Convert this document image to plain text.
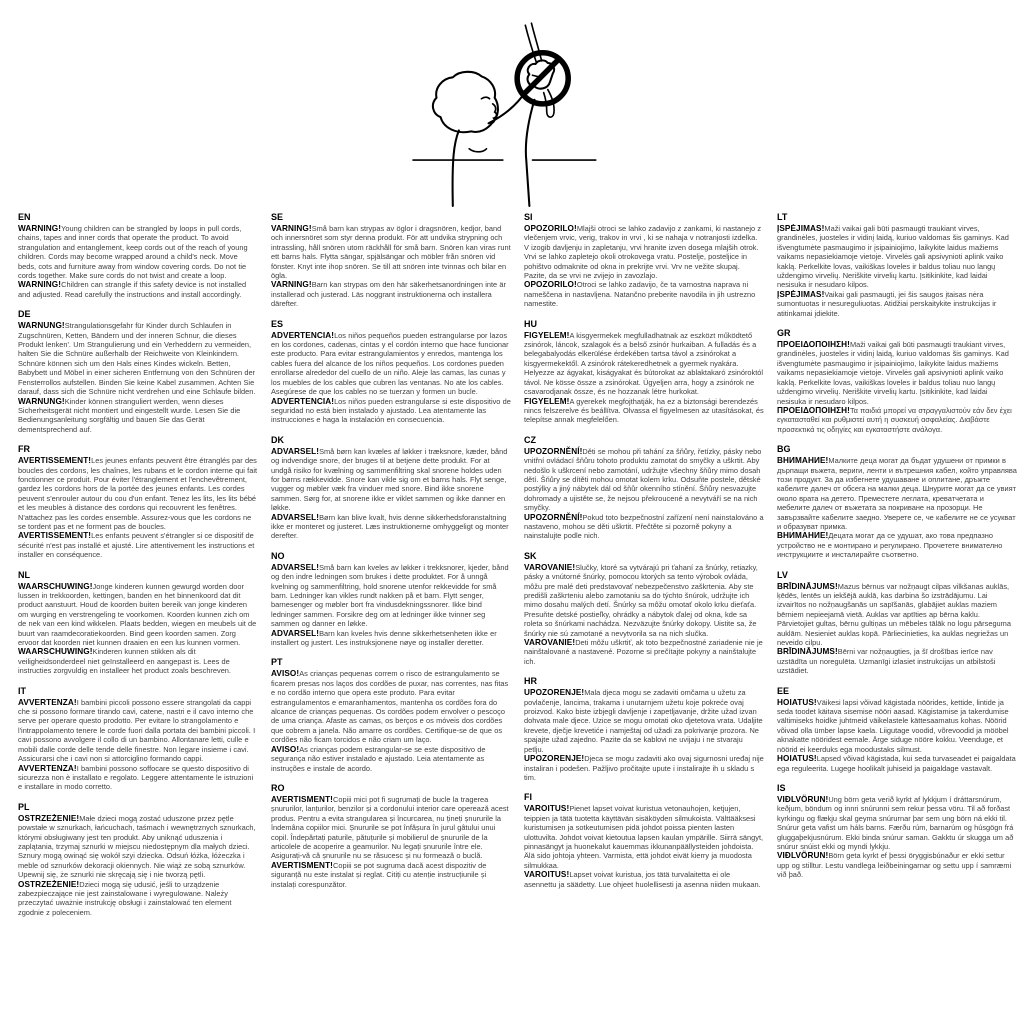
EN

WARNING!Young children can be strangled by loops in pull cords, chains, tapes and inner cords that operate the product. To avoid strangulation and entanglement, keep cords out of the reach of young children. Cords may become wrapped around a child's neck. Move beds, cots and furniture away from window covering cords. Do not tie cords together. Make sure cords do not twist and create a loop.

WARNING!Children can strangle if this safety device is not installed and adjusted. Read carefully the instructions and install accordingly.

DE

WARNUNG!Strangulationsgefahr für Kinder durch Schlaufen in Zugschnüren, Ketten, Bändern und der inneren Schnur, die dieses Produkt lenken'. Um Strangulierung und ein Verheddern zu vermeiden, halten Sie die Schnüre außerhalb der Reichweite von Kleinkindern. Schnüre können sich um den Hals eines Kindes wickeln. Betten, Babybett und Möbel in einer sicheren Entfernung von den Schnüren der Fensterrollos aufstellen. Binden Sie keine Kabel zusammen. Achten Sie darauf, dass sich die Schnüre nicht verdrehen und eine Schlaufe bilden.

WARNUNG!Kinder können stranguliert werden, wenn dieses Sicherheitsgerät nicht montiert und eingestellt wurde. Lesen Sie die Bedienungsanleitung sorgfältig und bauen Sie das Gerät dementsprechend auf.

FR

AVERTISSEMENT!Les jeunes enfants peuvent être étranglés par des boucles des cordons, les chaînes, les rubans et le cordon interne qui fait fonctionner ce produit. Pour éviter l'étranglement et l'enchevêtrement, gardez les cordons hors de la portée des jeunes enfants. Les cordes peuvent s'enrouler autour du cou d'un enfant. Tenez les lits, les lits bébé et les meubles à distance des cordons qui recouvrent les fenêtres. N'attachez pas les cordes ensemble. Assurez-vous que les cordons ne se tordent pas et ne forment pas de boucles.

AVERTISSEMENT!Les enfants peuvent s'étrangler si ce dispositif de sécurité n'est pas installé et ajusté. Lire attentivement les instructions et installer en conséquence.

NL

WAARSCHUWING!Jonge kinderen kunnen gewurgd worden door lussen in trekkoorden, kettingen, banden en het binnenkoord dat dit product aanstuurt. Houd de koorden buiten bereik van jonge kinderen om wurging en verstrengeling te voorkomen. Koorden kunnen zich om de nek van een kind wikkelen. Plaats bedden, wiegen en meubels uit de buurt van raamdecoratiekoorden. Bind geen koorden samen. Zorg ervoor dat koorden niet kunnen draaien en een lus kunnen vormen.

WAARSCHUWING!Kinderen kunnen stikken als dit veiligheidsonderdeel niet geïnstalleerd en aangepast is. Lees de instructies zorgvuldig en installeer het product zoals beschreven.

IT

AVVERTENZA!I bambini piccoli possono essere strangolati da cappi che si possono formare tirando cavi, catene, nastri e il cavo interno che serve per operare questo prodotto. Per evitare lo strangolamento e l'intrappolamento tenere le corde fuori dalla portata dei bambini piccoli. I cavi possono avvolgere il collo di un bambino. Allontanare letti, culle e mobili dalle corde delle tende delle finestre. Non legare insieme i cavi. Assicurarsi che i cavi non si attorciglino formando cappi.

AVVERTENZA!I bambini possono soffocare se questo dispositivo di sicurezza non è installato e regolato. Leggere attentamente le istruzioni e installare in modo corretto.

PL

OSTRZEŻENIE!Małe dzieci mogą zostać uduszone przez pętle powstałe w sznurkach, łańcuchach, taśmach i wewnętrznych sznurkach, którymi obsługiwany jest ten produkt. Aby uniknąć uduszenia i zaplątania, trzymaj sznurki w miejscu niedostępnym dla małych dzieci. Sznury mogą owinąć się wokół szyi dziecka. Odsuń łóżka, łóżeczka i meble od sznurków dekoracji okiennych. Nie wiąż ze sobą sznurków. Upewnij się, że sznurki nie skręcają się i nie tworzą pętli.

OSTRZEŻENIE!Dzieci mogą się udusić, jeśli to urządzenie zabezpieczające nie jest zainstalowane i wyregulowane. Należy przeczytać uważnie instrukcję obsługi i zainstalować ten element zgodnie z poleceniem.

SE

VARNING!Små barn kan strypas av öglor i dragsnören, kedjor, band och innersnöret som styr denna produkt. För att undvika strypning och intrassling, håll snören utom räckhåll för små barn. Snören kan viras runt ett barns hals. Flytta sängar, spjälsängar och möbler från snören vid fönster. Knyt inte ihop snören. Se till att snören inte tvinnas och bilar en ögla.

VARNING!Barn kan strypas om den här säkerhetsanordningen inte är installerad och justerad. Läs noggrant instruktionerna och installera därefter.

ES

ADVERTENCIA!Los niños pequeños pueden estrangularse por lazos en los cordones, cadenas, cintas y el cordón interno que hace funcionar este producto. Para evitar estrangulamientos y enredos, mantenga los cables fuera del alcance de los niños pequeños. Los cordones pueden enrollarse alrededor del cuello de un niño. Aleje las camas, las cunas y los muebles de los cables que cubren las ventanas. No ate los cables. Asegúrese de que los cables no se tuerzan y formen un bucle.

ADVERTENCIA!Los niños pueden estrangularse si este dispositivo de seguridad no está bien instalado y ajustado. Lea atentamente las instrucciones e haga la instalación en consecuencia.

DK

ADVARSEL!Små børn kan kvæles af løkker i træksnore, kæder, bånd og indvendige snore, der bruges til at betjene dette produkt. For at undgå risiko for kvælning og sammenfiltring skal snorene holdes uden for børns rækkevidde. Snore kan vikle sig om et barns hals. Flyt senge, vugger og møbler væk fra vinduer med snore. Bind ikke snorene sammen. Sørg for, at snorene ikke er viklet sammen og ikke danner en løkke.

ADVARSEL!Børn kan blive kvalt, hvis denne sikkerhedsforanstaltning ikke er monteret og justeret. Læs instruktionerne omhyggeligt og monter derefter.

NO

ADVARSEL!Små barn kan kveles av løkker i trekksnorer, kjeder, bånd og den indre ledningen som brukes i dette produktet. For å unngå kvelning og sammenfiltring, hold snorene utenfor rekkevidde for små barn. Ledninger kan vikles rundt nakken på et barn. Flytt senger, barnesenger og møbler bort fra vindusdekningssnorer. Ikke bind ledninger sammen. Forsikre deg om at ledninger ikke tvinner seg sammen og danner en løkke.

ADVARSEL!Barn kan kveles hvis denne sikkerhetsenheten ikke er installert og justert. Les instruksjonene nøye og installer deretter.

PT

AVISO!As crianças pequenas correm o risco de estrangulamento se ficarem presas nos laços dos cordões de puxar, nas correntes, nas fitas e no cordão interno que opera este produto. Para evitar estrangulamentos e emaranhamentos, mantenha os cordões fora do alcance de crianças pequenas. Os cordões podem envolver o pescoço de uma criança. Afaste as camas, os berços e os móveis dos cordões que cobrem a janela. Não amarre os cordões. Certifique-se de que os cordões não ficam torcidos e não criam um laço.

AVISO!As crianças podem estrangular-se se este dispositivo de segurança não estiver instalado e ajustado. Leia atentamente as instruções e instale de acordo.

RO

AVERTISMENT!Copiii mici pot fi sugrumați de bucle la tragerea șnururilor, lanțurilor, benzilor și a cordonului interior care operează acest produs. Pentru a evita strangularea și încurcarea, nu țineți șnururile la îndemâna copiilor mici. Șnururile se pot înfășura în jurul gâtului unui copil. Îndepărtați paturile, pătuțurile și mobilierul de șnururile de la articolele de acoperire a geamurilor. Nu legați șnururile între ele. Asigurați-vă că șnururile nu se răsucesc și nu formează o buclă.

AVERTISMENT!Copiii se pot sugruma dacă acest dispozitiv de siguranță nu este instalat și reglat. Citiți cu atenție instrucțiunile și instalați corespunzător.

SI

OPOZORILO!Mlajši otroci se lahko zadavijo z zankami, ki nastanejo z vlečenjem vrvic, verig, trakov in vrvi , ki se nahaja v notranjosti izdelka. V izogib davljenju in zapletanju, vrvi hranite izven dosega mlajših otrok. Vrvi se lahko zapletejo okoli otrokovega vratu. Postelje, posteljice in pohištvo odmaknite od okna in prekrijte vrvi. Vrv ne vežite skupaj. Pazite, da se vrvi ne zvijejo in zavozlajo.

OPOZORILO!Otroci se lahko zadavijo, če ta varnostna naprava ni nameščena in nastavljena. Natančno preberite navodila in jih ustrezno namestite.

HU

FIGYELEM!A kisgyermekek megfulladhatnak az eszközt működtető zsinórok, láncok, szalagok és a belső zsinór hurkaiban. A fulladás és a belegabalyodás elkerülése érdekében tartsa távol a zsinórokat a kisgyermekektől. A zsinórok rátekeredhetnek a gyermek nyakára. Helyezze az ágyakat, kiságyakat és bútorokat az ablaktakaró zsinóroktól távol. Ne kösse össze a zsinórokat. Ügyeljen arra, hogy a zsinórok ne csavarodjanak össze, és ne hozzanak létre hurkokat.

FIGYELEM!A gyerekek megfojthatják, ha ez a biztonsági berendezés nincs felszerelve és beállítva. Olvassa el figyelmesen az utasításokat, és telepítse annak megfelelően.

CZ

UPOZORNĚNÍ!Děti se mohou při tahání za šňůry, řetízky, pásky nebo vnitřní ovládací šňůru tohoto produktu zamotat do smyčky a uškrtit. Aby nedošlo k uškrcení nebo zamotání, udržujte všechny šňůry mimo dosah dětí. Šňůry se dítěti mohou omotat kolem krku. Odsuňte postele, dětské postýlky a jiný nábytek dál od šňůr okenního stínění. Šňůry nesvazujte dohromady a ujistěte se, že nejsou překroucené a nevytváří se na nich smyčky.

UPOZORNĚNÍ!Pokud toto bezpečnostní zařízení není nainstalováno a nastaveno, mohou se děti uškrtit. Přečtěte si pozorně pokyny a nainstalujte podle nich.

SK

VAROVANIE!Slučky, ktoré sa vytvárajú pri ťahaní za šnúrky, retiazky, pásky a vnútorné šnúrky, pomocou ktorých sa tento výrobok ovláda, môžu pre malé deti predstavovať nebezpečenstvo zaškrtenia. Aby ste predišli zaškrteniu alebo zamotaniu sa do týchto šnúrok, udržujte ich mimo dosahu malých detí. Šnúrky sa môžu omotať okolo krku dieťaťa. Presuňte detské postieľky, ohrádky a nábytok ďalej od okna, kde sa roleta so šnúrkami nachádza. Nezväzujte šnúrky dokopy. Uistite sa, že šnúrky nie sú zamotané a nevytvorila sa na nich slučka.

VAROVANIE!Deti môžu uškrtiť, ak toto bezpečnostné zariadenie nie je nainštalované a nastavené. Pozorne si prečítajte pokyny a nainštalujte ich.

HR

UPOZORENJE!Mala djeca mogu se zadaviti omčama u užetu za povlačenje, lancima, trakama i unutarnjem užetu koje pokreće ovaj proizvod. Kako biste izbjegli davljenje i zapetljavanje, držite užad izvan dohvata male djece. Uzice se mogu omotati oko djetetova vrata. Udaljite krevete, dječje krevetiće i namještaj od užadi za pokrivanje prozora. Ne spajajte užad zajedno. Pazite da se kablovi ne uvijaju i ne stvaraju petlju.

UPOZORENJE!Djeca se mogu zadaviti ako ovaj sigurnosni uređaj nije instaliran i podešen. Pažljivo pročitajte upute i instalirajte ih u skladu s tim.

FI

VAROITUS!Pienet lapset voivat kuristua vetonauhojen, ketjujen, teippien ja tätä tuotetta käyttävän sisäköyden silmukoista. Välttääksesi kuristumisen ja sotkeutumisen pidä johdot poissa pienten lasten ulottuvilta. Johdot voivat kietoutua lapsen kaulan ympärille. Siirrä sängyt, pinnasängyt ja huonekalut kauemmas ikkunanpäällysteiden johdoista. Älä sido johtoja yhteen. Varmista, että johdot eivät kierry ja muodosta silmukkaa.

VAROITUS!Lapset voivat kuristua, jos tätä turvalaitetta ei ole asennettu ja säädetty. Lue ohjeet huolellisesti ja asenna niiden mukaan.

LT

ĮSPĖJIMAS!Maži vaikai gali būti pasmaugti traukiant virves, grandinėles, juosteles ir vidinį laidą, kuriuo valdomas šis gaminys. Kad išvengtumėte pasmaugimo ir įsipainiojimo, laikykite laidus mažiems vaikams nepasiekiamoje vietoje. Virvelės gali apsivynioti aplink vaiko kaklą. Perkelkite lovas, vaikiškas loveles ir baldus toliau nuo langų uždengimo virvelių. Neriškite virvelių kartu. Įsitikinkite, kad laidai nesisuka ir nesudaro kilpos.

ĮSPĖJIMAS!Vaikai gali pasmaugti, jei šis saugos įtaisas nėra sumontuotas ir nesureguliuotas. Atidžiai perskaitykite instrukcijas ir atitinkamai įdiekite.

GR

ΠΡΟΕΙΔΟΠΟΙΗΣΗ!Maži vaikai gali būti pasmaugti traukiant virves, grandinėles, juosteles ir vidinį laidą, kuriuo valdomas šis gaminys. Kad išvengtumėte pasmaugimo ir įsipainiojimo, laikykite laidus mažiems vaikams nepasiekiamoje vietoje. Virvelės gali apsivynioti aplink vaiko kaklą. Perkelkite lovas, vaikiškas loveles ir baldus toliau nuo langų uždengimo virvelių. Neriškite virvelių kartu. Įsitikinkite, kad laidai nesisuka ir nesudaro kilpos.

ΠΡΟΕΙΔΟΠΟΙΗΣΗ!Τα παιδιά μπορεί να στραγγαλιστούν εάν δεν έχει εγκατασταθεί και ρυθμιστεί αυτή η συσκευή ασφαλείας. Διαβάστε προσεκτικά τις οδηγίες και εγκαταστήστε ανάλογα.

BG

ВНИМАНИЕ!Малките деца могат да бъдат удушени от примки в дърпащи въжета, вериги, ленти и вътрешния кабел, който управлява този продукт. За да избегнете удушаване и оплитане, дръжте кабелите далеч от обсега на малки деца. Шнурите могат да се увият около врата на детето. Преместете леглата, креватчетата и мебелите далеч от въжетата за покриване на прозорци. Не завързвайте кабелите заедно. Уверете се, че кабелите не се усукват и образуват примка.

ВНИМАНИЕ!Децата могат да се удушат, ако това предпазно устройство не е монтирано и регулирано. Прочетете внимателно инструкциите и инсталирайте съответно.

LV

BRĪDINĀJUMS!Mazus bērnus var nožņaugt cilpas vilkšanas auklās, ķēdēs, lentēs un iekšējā auklā, kas darbina šo izstrādājumu. Lai izvairītos no nožņaugšanās un sapīšanās, glabājiet auklas maziem bērniem nepieejamā vietā. Auklas var aptīties ap bērna kaklu. Pārvietojiet gultas, bērnu gultiņas un mēbeles tālāk no logu pārseguma auklām. Nesieniet auklas kopā. Pārliecinieties, ka auklas negriežas un neveido cilpu.

BRĪDINĀJUMS!Bērni var nožņaugties, ja šī drošības ierīce nav uzstādīta un noregulēta. Uzmanīgi izlasiet instrukcijas un atbilstoši uzstādiet.

EE

HOIATUS!Väikesi lapsi võivad kägistada nöörides, kettide, lintide ja seda toodet käitava sisemise nööri aasad. Kägistamise ja takerdumise vältimiseks hoidke juhtmeid väikelastele kättesaamatus kohas. Nöörid võivad olla ümber lapse kaela. Liigutage voodid, võrevoodid ja mööbel aknakatte nööridest eemale. Ärge siduge nööre kokku. Veenduge, et nöörid ei keerduks ega moodustaks silmust.

HOIATUS!Lapsed võivad kägistada, kui seda turvaseadet ei paigaldata ega reguleerita. Lugege hoolikalt juhiseid ja paigaldage vastavalt.

IS

VIÐLVÖRUN!Ung börn geta verið kyrkt af lykkjum í dráttarsnúrum, keðjum, böndum og innri snúrunni sem rekur þessa vöru. Til að forðast kyrkingu og flækju skal geyma snúrurnar þar sem ung börn ná ekki til. Snúrur geta vafist um háls barns. Færðu rúm, barnarúm og húsgögn frá gluggaþekjusnúrum. Ekki binda snúrur saman. Gakktu úr skugga um að snúrur snúist ekki og myndi lykkju.

VIÐLVÖRUN!Börn geta kyrkt ef þessi öryggisbúnaður er ekki settur upp og stilltur. Lestu vandlega leiðbeiningarnar og settu upp í samræmi við það.
